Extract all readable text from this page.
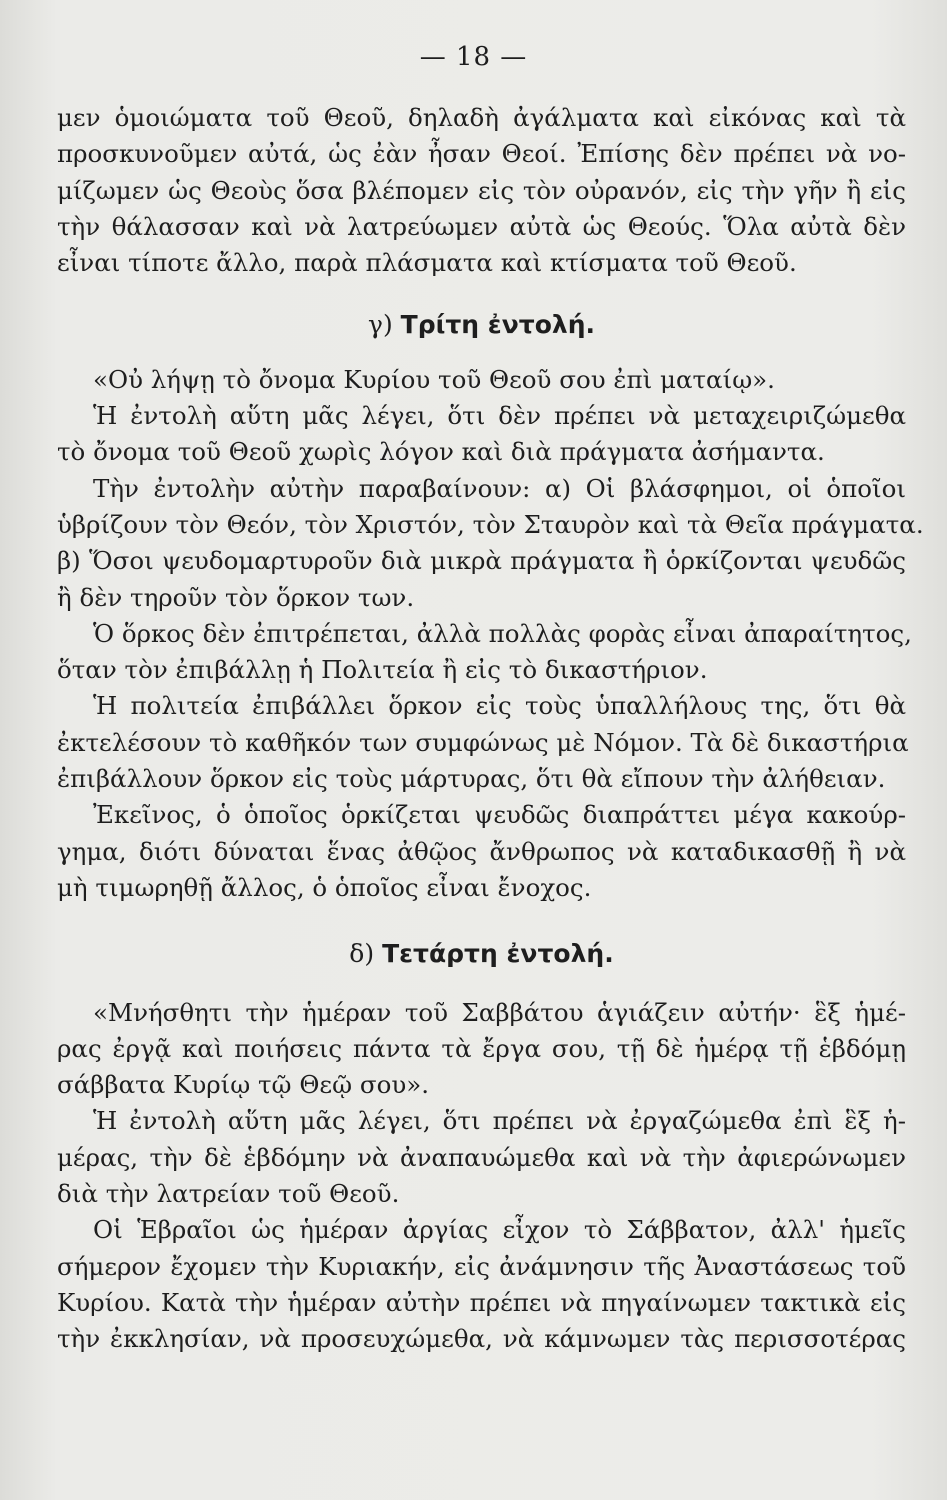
— 18 —
μεν ὁμοιώματα τοῦ Θεοῦ, δηλαδὴ ἀγάλματα καὶ εἰκόνας καὶ τὰ
προσκυνοῦμεν αὐτά, ὡς ἐὰν ἦσαν Θεοί. Ἐπίσης δὲν πρέπει νὰ νο-
μίζωμεν ὡς Θεοὺς ὅσα βλέπομεν εἰς τὸν οὐρανόν, εἰς τὴν γῆν ἢ εἰς
τὴν θάλασσαν καὶ νὰ λατρεύωμεν αὐτὰ ὡς Θεούς. Ὅλα αὐτὰ δὲν
εἶναι τίποτε ἄλλο, παρὰ πλάσματα καὶ κτίσματα τοῦ Θεοῦ.
γ) Τρίτη ἐντολή.
«Οὐ λήψῃ τὸ ὄνομα Κυρίου τοῦ Θεοῦ σου ἐπὶ ματαίῳ».
Ἡ ἐντολὴ αὕτη μᾶς λέγει, ὅτι δὲν πρέπει νὰ μεταχειριζώμεθα
τὸ ὄνομα τοῦ Θεοῦ χωρὶς λόγον καὶ διὰ πράγματα ἀσήμαντα.
Τὴν ἐντολὴν αὐτὴν παραβαίνουν: α) Οἱ βλάσφημοι, οἱ ὁποῖοι
ὑβρίζουν τὸν Θεόν, τὸν Χριστόν, τὸν Σταυρὸν καὶ τὰ Θεῖα πράγματα.
β) Ὅσοι ψευδομαρτυροῦν διὰ μικρὰ πράγματα ἢ ὁρκίζονται ψευδῶς
ἢ δὲν τηροῦν τὸν ὅρκον των.
Ὁ ὅρκος δὲν ἐπιτρέπεται, ἀλλὰ πολλὰς φορὰς εἶναι ἀπαραίτητος,
ὅταν τὸν ἐπιβάλλῃ ἡ Πολιτεία ἢ εἰς τὸ δικαστήριον.
Ἡ πολιτεία ἐπιβάλλει ὅρκον εἰς τοὺς ὑπαλλήλους της, ὅτι θὰ
ἐκτελέσουν τὸ καθῆκόν των συμφώνως μὲ Νόμον. Τὰ δὲ δικαστήρια
ἐπιβάλλουν ὅρκον εἰς τοὺς μάρτυρας, ὅτι θὰ εἴπουν τὴν ἀλήθειαν.
Ἐκεῖνος, ὁ ὁποῖος ὁρκίζεται ψευδῶς διαπράττει μέγα κακούρ-
γημα, διότι δύναται ἕνας ἀθῷος ἄνθρωπος νὰ καταδικασθῇ ἢ νὰ
μὴ τιμωρηθῇ ἄλλος, ὁ ὁποῖος εἶναι ἔνοχος.
δ) Τετάρτη ἐντολή.
«Μνήσθητι τὴν ἡμέραν τοῦ Σαββάτου ἁγιάζειν αὐτήν· ἓξ ἡμέ-
ρας ἐργᾷ καὶ ποιήσεις πάντα τὰ ἔργα σου, τῇ δὲ ἡμέρᾳ τῇ ἑβδόμῃ
σάββατα Κυρίῳ τῷ Θεῷ σου».
Ἡ ἐντολὴ αὕτη μᾶς λέγει, ὅτι πρέπει νὰ ἐργαζώμεθα ἐπὶ ἓξ ἡ-
μέρας, τὴν δὲ ἑβδόμην νὰ ἀναπαυώμεθα καὶ νὰ τὴν ἀφιερώνωμεν
διὰ τὴν λατρείαν τοῦ Θεοῦ.
Οἱ Ἑβραῖοι ὡς ἡμέραν ἀργίας εἶχον τὸ Σάββατον, ἀλλ' ἡμεῖς
σήμερον ἔχομεν τὴν Κυριακήν, εἰς ἀνάμνησιν τῆς Ἀναστάσεως τοῦ
Κυρίου. Κατὰ τὴν ἡμέραν αὐτὴν πρέπει νὰ πηγαίνωμεν τακτικὰ εἰς
τὴν ἐκκλησίαν, νὰ προσευχώμεθα, νὰ κάμνωμεν τὰς περισσοτέρας
